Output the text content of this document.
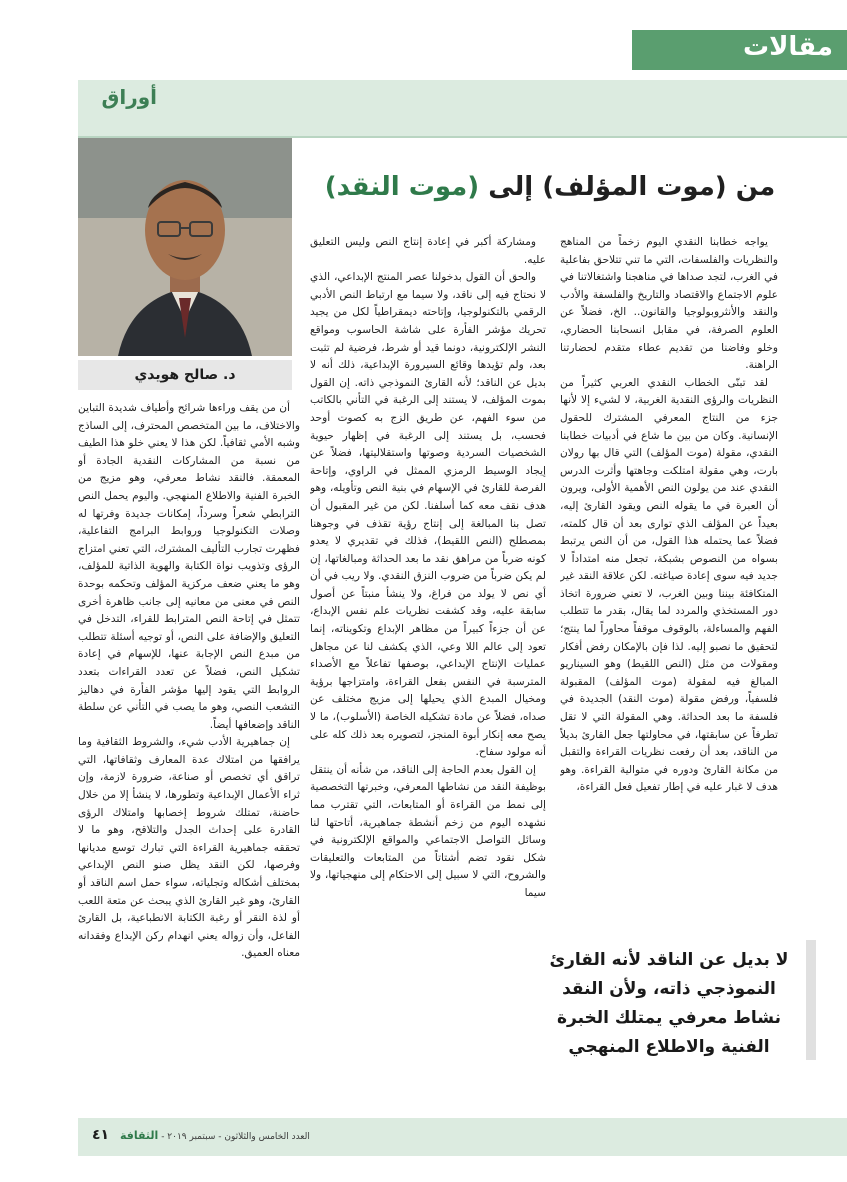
مقالات
أوراق
د. صالح هويدي
من (موت المؤلف) إلى (موت النقد)

يواجه خطابنا النقدي اليوم زخماً من المناهج والنظريات والفلسفات، التي ما تني تتلاحق بفاعلية في الغرب، لتجد صداها في مناهجنا واشتغالاتنا في علوم الاجتماع والاقتصاد والتاريخ والفلسفة والأدب والنقد والأنثروبولوجيا والقانون.. الخ، فضلاً عن العلوم الصرفة، في مقابل انسحابنا الحضاري، وخلو وفاضنا من تقديم عطاء متقدم لحضارتنا الراهنة.

لقد تبنّى الخطاب النقدي العربي كثيراً من النظريات والرؤى النقدية الغربية، لا لشيء إلا لأنها جزء من النتاج المعرفي المشترك للحقول الإنسانية. وكان من بين ما شاع في أدبيات خطابنا النقدي، مقولة (موت المؤلف) التي قال بها رولان بارت، وهي مقولة امتلكت وجاهتها وأثرت الدرس النقدي عند من يولون النص الأهمية الأولى، ويرون أن العبرة في ما يقوله النص ويقود القارئ إليه، بعيداً عن المؤلف الذي توارى بعد أن قال كلمته، فضلاً عما يحتمله هذا القول، من أن النص يرتبط بسواه من النصوص بشبكة، تجعل منه امتداداً لا جديد فيه سوى إعادة صياغته. لكن علاقة النقد غير المتكافئة بيننا وبين الغرب، لا تعني ضرورة اتخاذ دور المستخذي والمردد لما يقال، بقدر ما تتطلب الفهم والمساءلة، بالوقوف موقفاً محاوراً لما ينتج؛ لتحقيق ما نصبو إليه. لذا فإن بالإمكان رفض أفكار ومقولات من مثل (النص اللقيط) وهو السيناريو المبالغ فيه لمقولة (موت المؤلف) المقبولة فلسفياً، ورفض مقولة (موت النقد) الجديدة في فلسفة ما بعد الحداثة. وهي المقولة التي لا تقل تطرفاً عن سابقتها، في محاولتها جعل القارئ بديلاً من الناقد، بعد أن رفعت نظريات القراءة والتقبل من مكانة القارئ ودوره في متوالية القراءة. وهو هدف لا غبار عليه في إطار تفعيل فعل القراءة،

ومشاركة أكبر في إعادة إنتاج النص وليس التعليق عليه.

والحق أن القول بدخولنا عصر المنتج الإبداعي، الذي لا نحتاج فيه إلى ناقد، ولا سيما مع ارتباط النص الأدبي الرقمي بالتكنولوجيا، وإتاحته ديمقراطياً لكل من يجيد تحريك مؤشر الفأرة على شاشة الحاسوب ومواقع النشر الإلكترونية، دونما قيد أو شرط، فرضية لم تثبت بعد، ولم تؤيدها وقائع السيرورة الإبداعية، ذلك أنه لا بديل عن الناقد؛ لأنه القارئ النموذجي ذاته. إن القول بموت المؤلف، لا يستند إلى الرغبة في التأني بالكاتب من سوء الفهم، عن طريق الزج به كصوت أوحد فحسب، بل يستند إلى الرغبة في إظهار حيوية الشخصيات السردية وصوتها واستقلاليتها، فضلاً عن إيجاد الوسيط الرمزي الممثل في الراوي، وإتاحة الفرصة للقارئ في الإسهام في بنية النص وتأويله، وهو هدف نقف معه كما أسلفنا. لكن من غير المقبول أن تصل بنا المبالغة إلى إنتاج رؤية تقذف في وجوهنا بمصطلح (النص اللقيط)، فذلك في تقديري لا يعدو كونه ضرباً من مراهق نقد ما بعد الحداثة ومبالغاتها، إن لم يكن ضرباً من ضروب النزق النقدي. ولا ريب في أن أي نص لا يولد من فراغ، ولا ينشأ منبتاً عن أصول سابقة عليه، وقد كشفت نظريات علم نفس الإبداع، عن أن جزءاً كبيراً من مظاهر الإبداع وتكويناته، إنما تعود إلى عالم اللا وعي، الذي يكشف لنا عن مجاهل عمليات الإنتاج الإبداعي، بوصفها تفاعلاً مع الأصداء المترسبة في النفس بفعل القراءة، وامتزاجها برؤية ومخيال المبدع الذي يحيلها إلى مزيج مختلف عن صداه، فضلاً عن مادة تشكيله الخاصة (الأسلوب)، ما لا يصح معه إنكار أبوة المنجز، لتصويره بعد ذلك كله على أنه مولود سفاح.

إن القول بعدم الحاجة إلى الناقد، من شأنه أن ينتقل بوظيفة النقد من نشاطها المعرفي، وخبرتها التخصصية إلى نمط من القراءة أو المتابعات، التي تقترب مما نشهده اليوم من زخم أنشطة جماهيرية، أتاحتها لنا وسائل التواصل الاجتماعي والمواقع الإلكترونية في شكل نقود تضم أشتاتاً من المتابعات والتعليقات والشروح، التي لا سبيل إلى الاحتكام إلى منهجياتها، ولا سيما

أن من يقف وراءها شرائح وأطياف شديدة التباين والاختلاف، ما بين المتخصص المحترف، إلى الساذج وشبه الأمي ثقافياً. لكن هذا لا يعني خلو هذا الطيف من نسبة من المشاركات النقدية الجادة أو المعمقة. فالنقد نشاط معرفي، وهو مزيج من الخبرة الفنية والاطلاع المنهجي. واليوم يحمل النص الترابطي شعراً وسرداً، إمكانات جديدة وفرتها له وصلات التكنولوجيا وروابط البرامج التفاعلية، فظهرت تجارب التأليف المشترك، التي تعني امتزاج الرؤى وتذويب نواة الكتابة والهوية الذاتية للمؤلف، وهو ما يعني ضعف مركزية المؤلف وتحكمه بوحدة النص في معنى من معانيه إلى جانب ظاهرة أخرى تتمثل في إتاحة النص المترابط للقراء، التدخل في التعليق والإضافة على النص، أو توجيه أسئلة تتطلب من مبدع النص الإجابة عنها، للإسهام في إعادة تشكيل النص، فضلاً عن تعدد القراءات بتعدد الروابط التي يقود إليها مؤشر الفأرة في دهاليز التشعب النصي، وهو ما يصب في التأني عن سلطة الناقد وإضعافها أيضاً.

إن جماهيرية الأدب شيء، والشروط الثقافية وما يرافقها من امتلاك عدة المعارف وثقافاتها، التي تراقق أي تخصص أو صناعة، ضرورة لازمة، وإن ثراء الأعمال الإبداعية وتطورها، لا ينشأ إلا من خلال حاضنة، تمتلك شروط إخصابها وامتلاك الرؤى القادرة على إحداث الجدل والتلاقح، وهو ما لا تحققه جماهيرية القراءة التي تبارك توسع مديانها وفرصها، لكن النقد يظل صنو النص الإبداعي بمختلف أشكاله وتجلياته، سواء حمل اسم الناقد أو القارئ، وهو غير القارئ الذي يبحث عن متعة اللعب أو لذة النقر أو رغبة الكتابة الانطباعية، بل القارئ الفاعل، وأن زواله يعني انهدام ركن الإبداع وفقدانه معناه العميق.	لا بديل عن الناقد لأنه القارئ النموذجي ذاته، ولأن النقد نشاط معرفي يمتلك الخبرة الفنية والاطلاع المنهجي
٤١	العدد الخامس والثلاثون - سبتمبر ٢٠١٩ - الثقافة
